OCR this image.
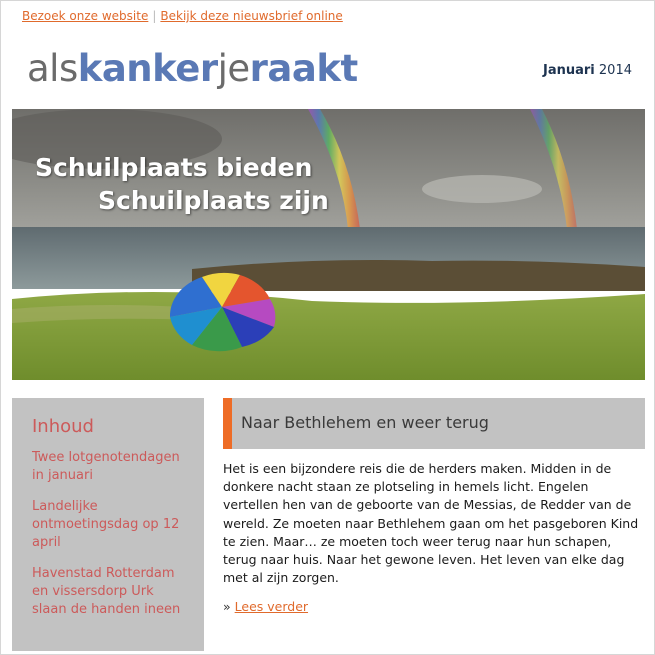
Bezoek onze website | Bekijk deze nieuwsbrief online
alskankerjeraakt	Januari 2014
Schuilplaats bieden
Schuilplaats zijn
Inhoud
Twee lotgenotendagen in januari
Landelijke ontmoetingsdag op 12 april
Havenstad Rotterdam en vissersdorp Urk slaan de handen ineen
Naar Bethlehem en weer terug

Het is een bijzondere reis die de herders maken. Midden in de donkere nacht staan ze plotseling in hemels licht. Engelen vertellen hen van de geboorte van de Messias, de Redder van de wereld. Ze moeten naar Bethlehem gaan om het pasgeboren Kind te zien. Maar… ze moeten toch weer terug naar hun schapen, terug naar huis. Naar het gewone leven. Het leven van elke dag met al zijn zorgen.

» Lees verder
